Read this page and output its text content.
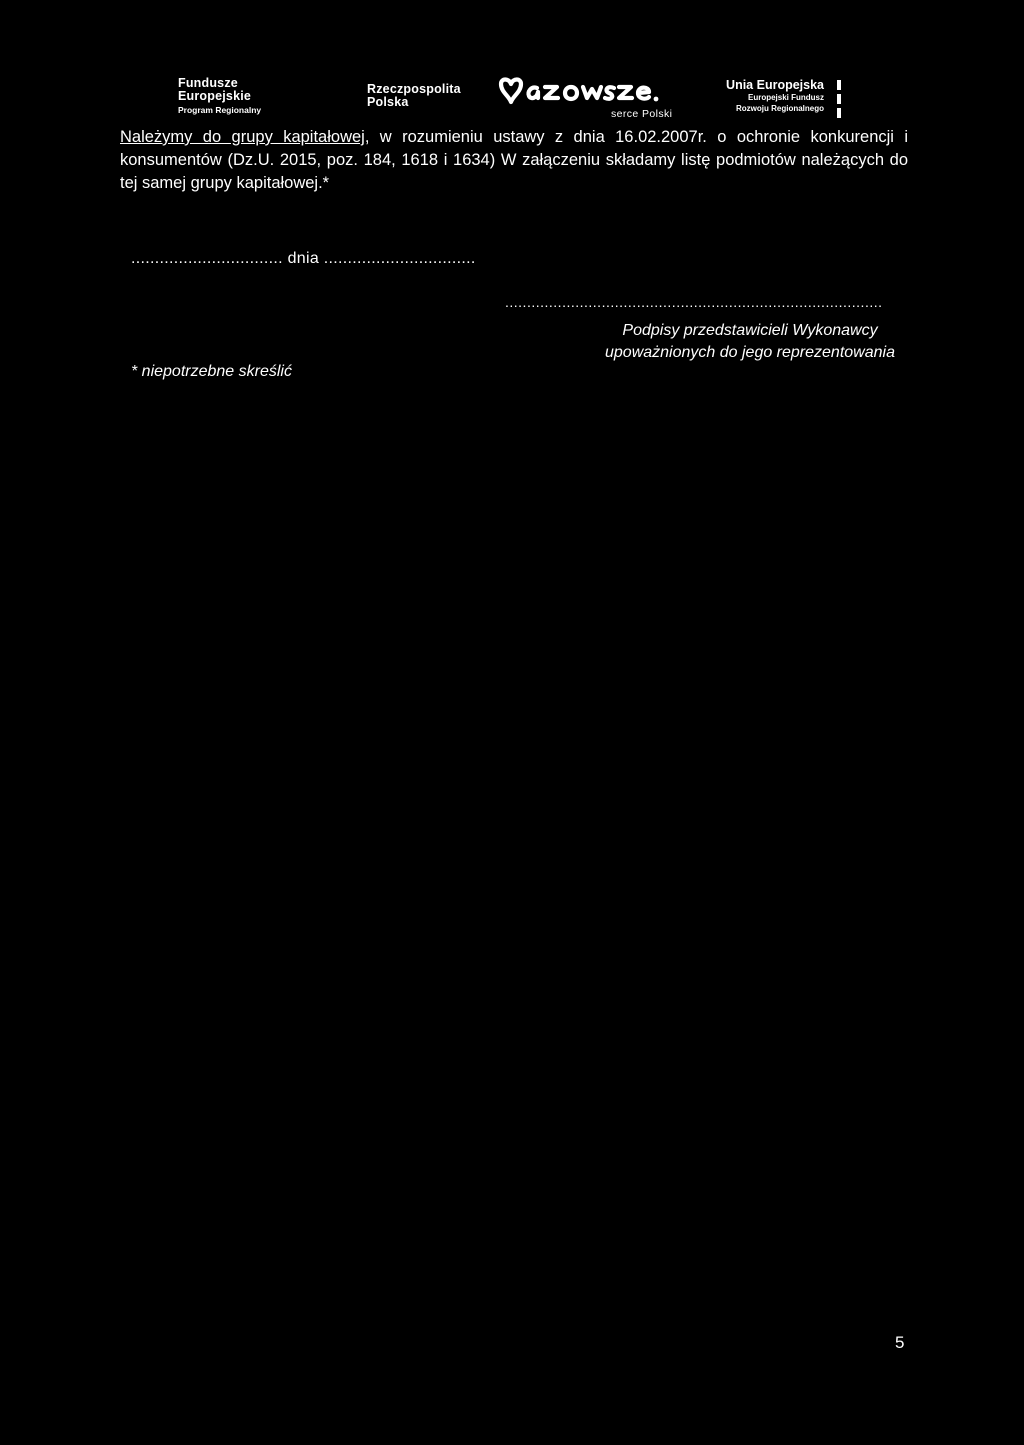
Fundusze
Europejskie
Program Regionalny
Rzeczpospolita
Polska
serce Polski
Unia Europejska
Europejski Fundusz
Rozwoju Regionalnego
Należymy do grupy kapitałowej, w rozumieniu ustawy z dnia 16.02.2007r. o ochronie konkurencji i konsumentów (Dz.U. 2015, poz. 184, 1618 i 1634) W załączeniu składamy listę podmiotów należących do tej samej grupy kapitałowej.*
................................ dnia ................................
......................................................................................
Podpisy przedstawicieli Wykonawcy
upoważnionych do jego reprezentowania
* niepotrzebne skreślić
5
